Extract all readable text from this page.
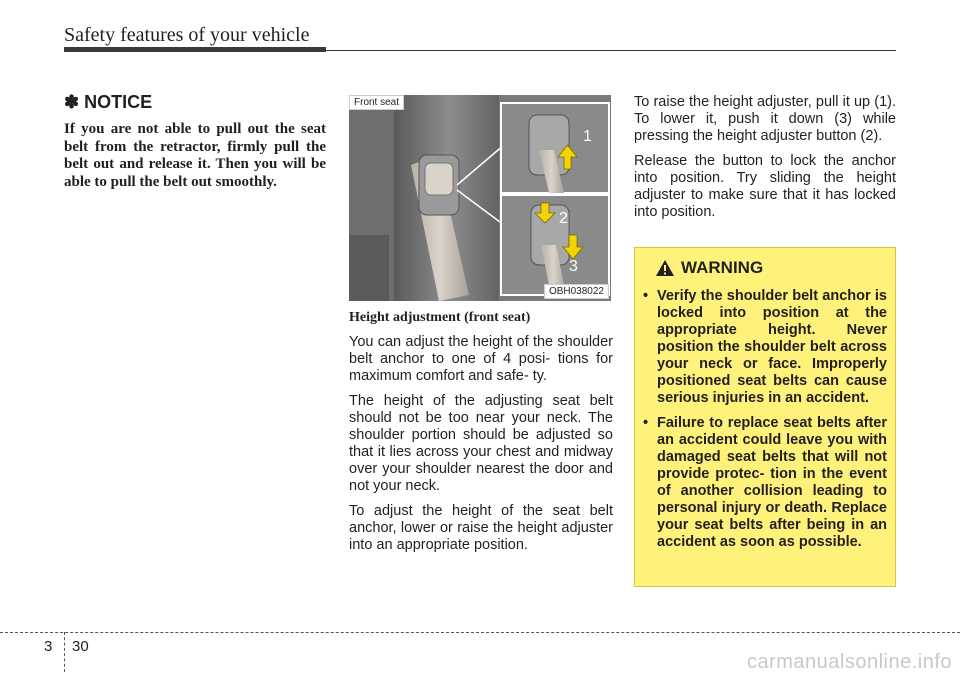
Safety features of your vehicle
✽ NOTICE
If you are not able to pull out the seat belt from the retractor, firmly pull the belt out and release it. Then you will be able to pull the belt out smoothly.
1
2
3
Front seat
OBH038022
Height adjustment (front seat)

You can adjust the height of the shoulder belt anchor to one of 4 posi- tions for maximum comfort and safe- ty.

The height of the adjusting seat belt should not be too near your neck. The shoulder portion should be adjusted so that it lies across your chest and midway over your shoulder nearest the door and not your neck.

To adjust the height of the seat belt anchor, lower or raise the height adjuster into an appropriate position.

To raise the height adjuster, pull it up (1). To lower it, push it down (3) while pressing the height adjuster button (2).

Release the button to lock the anchor into position. Try sliding the height adjuster to make sure that it has locked into position.

WARNING
• Verify the shoulder belt anchor is locked into position at the appropriate height. Never position the shoulder belt across your neck or face. Improperly positioned seat belts can cause serious injuries in an accident.
• Failure to replace seat belts after an accident could leave you with damaged seat belts that will not provide protec- tion in the event of another collision leading to personal injury or death. Replace your seat belts after being in an accident as soon as possible.
3 30
carmanualsonline.info
